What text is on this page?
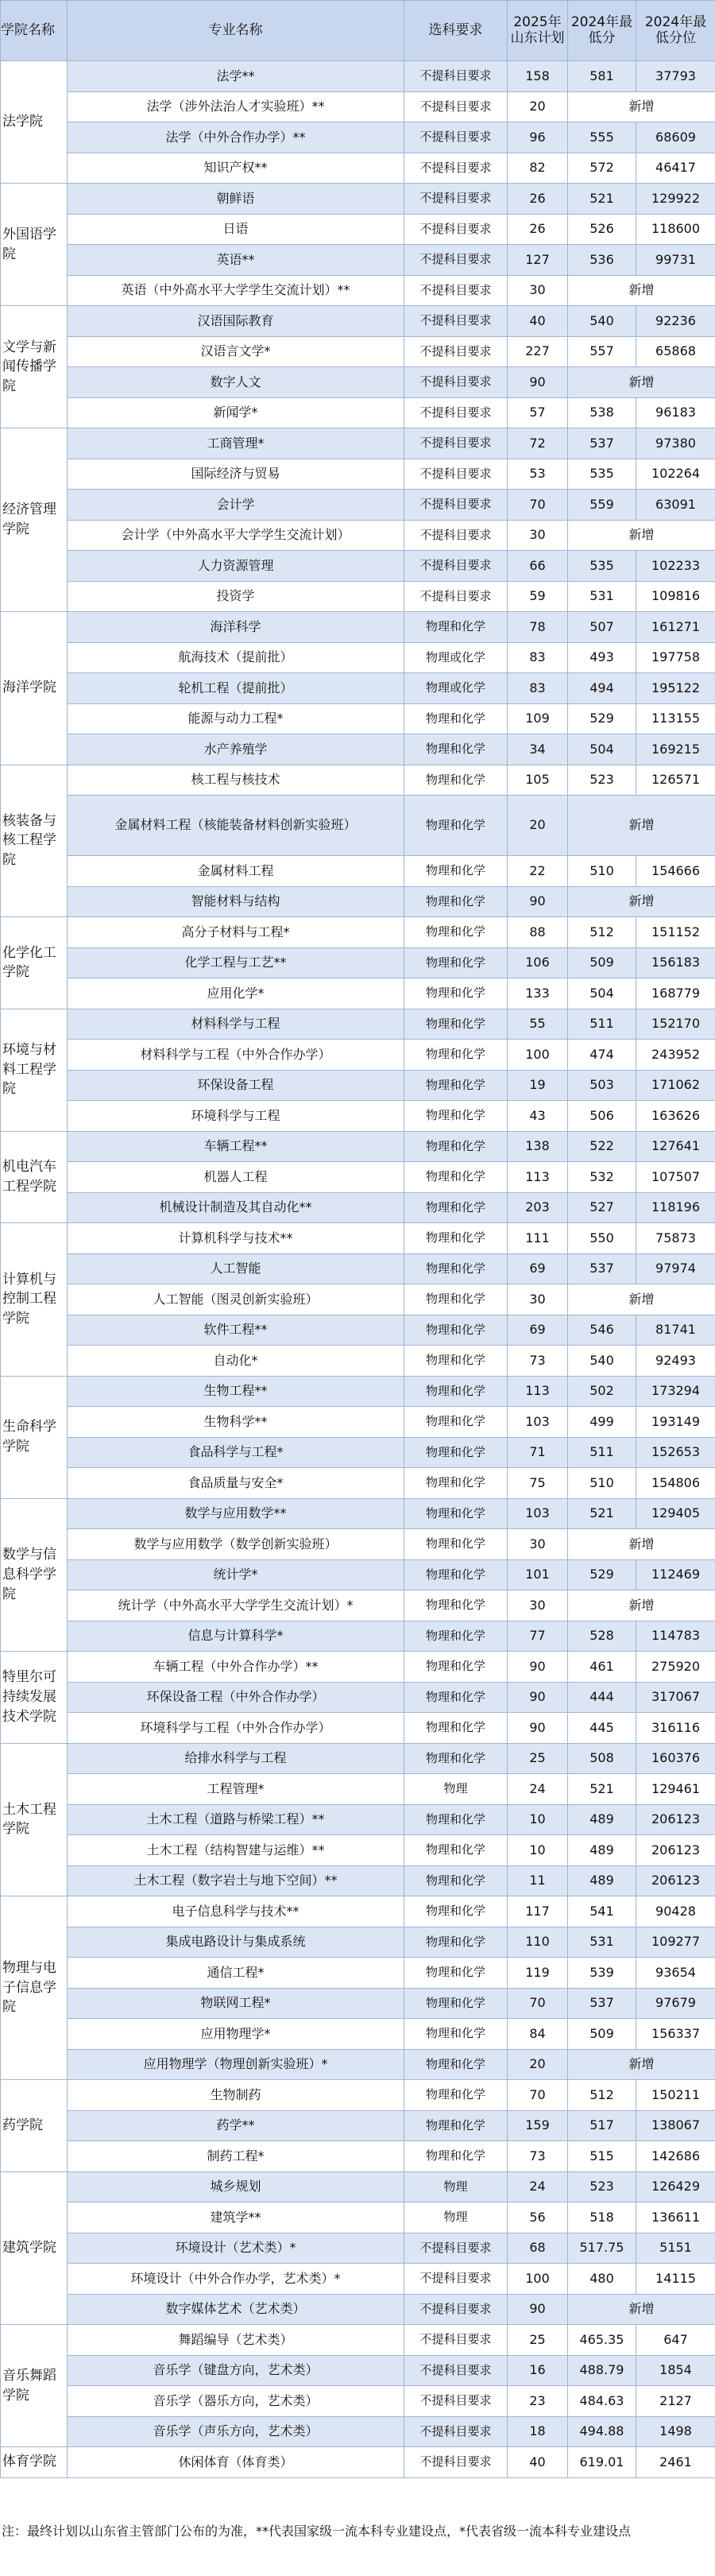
学院名称	专业名称	选科要求	2025年山东计划	2024年最低分	2024年最低分位
法学院	法学**	不提科目要求	158	581	37793
	法学（涉外法治人才实验班）**	不提科目要求	20	新增	
	法学（中外合作办学）**	不提科目要求	96	555	68609
	知识产权**	不提科目要求	82	572	46417
外国语学院	朝鲜语	不提科目要求	26	521	129922
	日语	不提科目要求	26	526	118600
	英语**	不提科目要求	127	536	99731
	英语（中外高水平大学学生交流计划）**	不提科目要求	30	新增	
文学与新闻传播学院	汉语国际教育	不提科目要求	40	540	92236
	汉语言文学*	不提科目要求	227	557	65868
	数字人文	不提科目要求	90	新增	
	新闻学*	不提科目要求	57	538	96183
经济管理学院	工商管理*	不提科目要求	72	537	97380
	国际经济与贸易	不提科目要求	53	535	102264
	会计学	不提科目要求	70	559	63091
	会计学（中外高水平大学学生交流计划）	不提科目要求	30	新增	
	人力资源管理	不提科目要求	66	535	102233
	投资学	不提科目要求	59	531	109816
海洋学院	海洋科学	物理和化学	78	507	161271
	航海技术（提前批）	物理或化学	83	493	197758
	轮机工程（提前批）	物理或化学	83	494	195122
	能源与动力工程*	物理和化学	109	529	113155
	水产养殖学	物理和化学	34	504	169215
核装备与核工程学院	核工程与核技术	物理和化学	105	523	126571
	金属材料工程（核能装备材料创新实验班）	物理和化学	20	新增	
	金属材料工程	物理和化学	22	510	154666
	智能材料与结构	物理和化学	90	新增	
化学化工学院	高分子材料与工程*	物理和化学	88	512	151152
	化学工程与工艺**	物理和化学	106	509	156183
	应用化学*	物理和化学	133	504	168779
环境与材料工程学院	材料科学与工程	物理和化学	55	511	152170
	材料科学与工程（中外合作办学）	物理和化学	100	474	243952
	环保设备工程	物理和化学	19	503	171062
	环境科学与工程	物理和化学	43	506	163626
机电汽车工程学院	车辆工程**	物理和化学	138	522	127641
	机器人工程	物理和化学	113	532	107507
	机械设计制造及其自动化**	物理和化学	203	527	118196
计算机与控制工程学院	计算机科学与技术**	物理和化学	111	550	75873
	人工智能	物理和化学	69	537	97974
	人工智能（图灵创新实验班）	物理和化学	30	新增	
	软件工程**	物理和化学	69	546	81741
	自动化*	物理和化学	73	540	92493
生命科学学院	生物工程**	物理和化学	113	502	173294
	生物科学**	物理和化学	103	499	193149
	食品科学与工程*	物理和化学	71	511	152653
	食品质量与安全*	物理和化学	75	510	154806
数学与信息科学学院	数学与应用数学**	物理和化学	103	521	129405
	数学与应用数学（数学创新实验班）	物理和化学	30	新增	
	统计学*	物理和化学	101	529	112469
	统计学（中外高水平大学学生交流计划）*	物理和化学	30	新增	
	信息与计算科学*	物理和化学	77	528	114783
特里尔可持续发展技术学院	车辆工程（中外合作办学）**	物理和化学	90	461	275920
	环保设备工程（中外合作办学）	物理和化学	90	444	317067
	环境科学与工程（中外合作办学）	物理和化学	90	445	316116
土木工程学院	给排水科学与工程	物理和化学	25	508	160376
	工程管理*	物理	24	521	129461
	土木工程（道路与桥梁工程）**	物理和化学	10	489	206123
	土木工程（结构智建与运维）**	物理和化学	10	489	206123
	土木工程（数字岩土与地下空间）**	物理和化学	11	489	206123
物理与电子信息学院	电子信息科学与技术**	物理和化学	117	541	90428
	集成电路设计与集成系统	物理和化学	110	531	109277
	通信工程*	物理和化学	119	539	93654
	物联网工程*	物理和化学	70	537	97679
	应用物理学*	物理和化学	84	509	156337
	应用物理学（物理创新实验班）*	物理和化学	20	新增	
药学院	生物制药	物理和化学	70	512	150211
	药学**	物理和化学	159	517	138067
	制药工程*	物理和化学	73	515	142686
建筑学院	城乡规划	物理	24	523	126429
	建筑学**	物理	56	518	136611
	环境设计（艺术类）*	不提科目要求	68	517.75	5151
	环境设计（中外合作办学，艺术类）*	不提科目要求	100	480	14115
	数字媒体艺术（艺术类）	不提科目要求	90	新增	
音乐舞蹈学院	舞蹈编导（艺术类）	不提科目要求	25	465.35	647
	音乐学（键盘方向，艺术类）	不提科目要求	16	488.79	1854
	音乐学（器乐方向，艺术类）	不提科目要求	23	484.63	2127
	音乐学（声乐方向，艺术类）	不提科目要求	18	494.88	1498
体育学院	休闲体育（体育类）	不提科目要求	40	619.01	2461
注：最终计划以山东省主管部门公布的为准，**代表国家级一流本科专业建设点，*代表省级一流本科专业建设点
